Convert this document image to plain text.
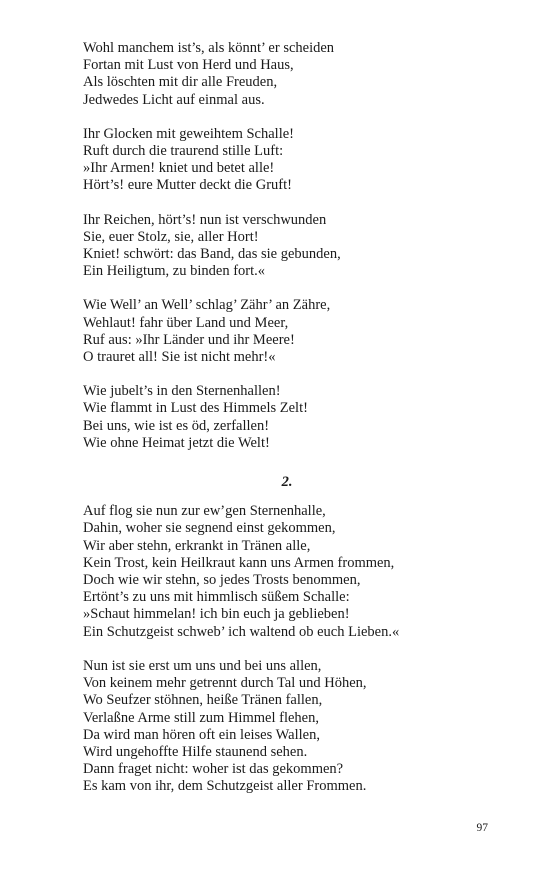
Wohl manchem ist’s, als könnt’ er scheiden
Fortan mit Lust von Herd und Haus,
Als löschten mit dir alle Freuden,
Jedwedes Licht auf einmal aus.
Ihr Glocken mit geweihtem Schalle!
Ruft durch die traurend stille Luft:
»Ihr Armen! kniet und betet alle!
Hört’s! eure Mutter deckt die Gruft!
Ihr Reichen, hört’s! nun ist verschwunden
Sie, euer Stolz, sie, aller Hort!
Kniet! schwört: das Band, das sie gebunden,
Ein Heiligtum, zu binden fort.«
Wie Well’ an Well’ schlag’ Zähr’ an Zähre,
Wehlaut! fahr über Land und Meer,
Ruf aus: »Ihr Länder und ihr Meere!
O trauret all! Sie ist nicht mehr!«
Wie jubelt’s in den Sternenhallen!
Wie flammt in Lust des Himmels Zelt!
Bei uns, wie ist es öd, zerfallen!
Wie ohne Heimat jetzt die Welt!
2.
Auf flog sie nun zur ew’gen Sternenhalle,
Dahin, woher sie segnend einst gekommen,
Wir aber stehn, erkrankt in Tränen alle,
Kein Trost, kein Heilkraut kann uns Armen frommen,
Doch wie wir stehn, so jedes Trosts benommen,
Ertönt’s zu uns mit himmlisch süßem Schalle:
»Schaut himmelan! ich bin euch ja geblieben!
Ein Schutzgeist schweb’ ich waltend ob euch Lieben.«
Nun ist sie erst um uns und bei uns allen,
Von keinem mehr getrennt durch Tal und Höhen,
Wo Seufzer stöhnen, heiße Tränen fallen,
Verlaßne Arme still zum Himmel flehen,
Da wird man hören oft ein leises Wallen,
Wird ungehoffte Hilfe staunend sehen.
Dann fraget nicht: woher ist das gekommen?
Es kam von ihr, dem Schutzgeist aller Frommen.
97
